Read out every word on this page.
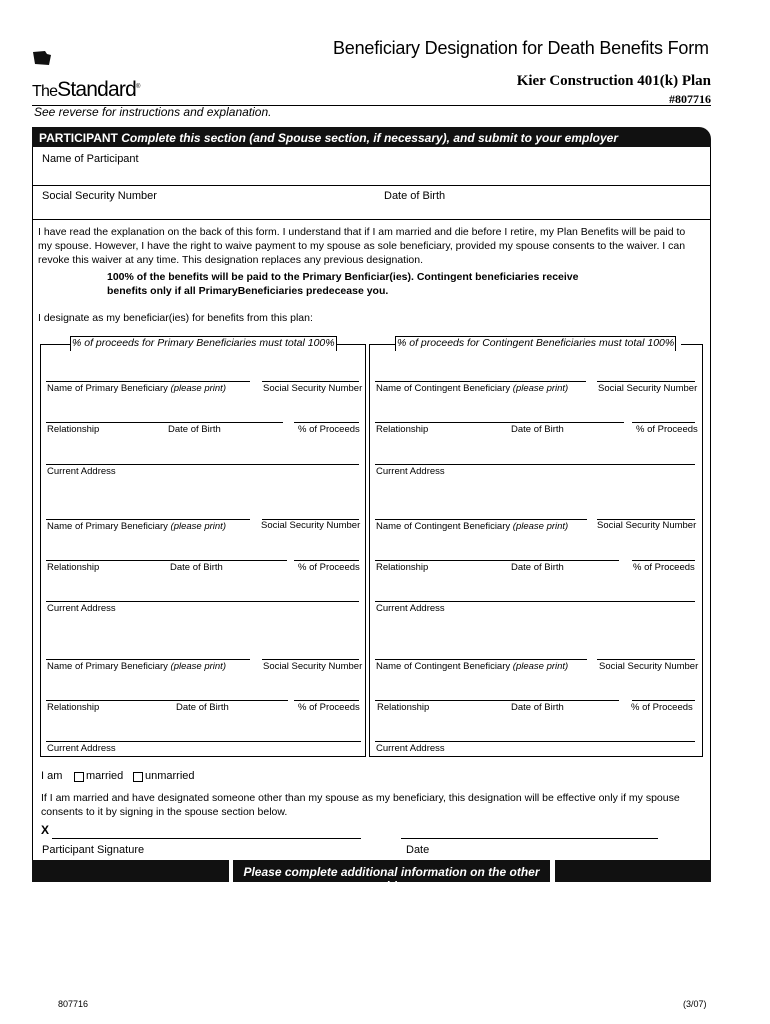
TheStandard®
Beneficiary Designation for Death Benefits Form
Kier Construction 401(k) Plan
#807716
See reverse for instructions and explanation.
PARTICIPANT Complete this section (and Spouse section, if necessary), and submit to your employer
Name of Participant
Social Security Number	Date of Birth
I have read the explanation on the back of this form. I understand that if I am married and die before I retire, my Plan Benefits will be paid to
my spouse. However, I have the right to waive payment to my spouse as sole beneficiary, provided my spouse consents to the waiver. I can
revoke this waiver at any time. This designation replaces any previous designation.
100% of the benefits will be paid to the Primary Benficiar(ies). Contingent beneficiaries receive
benefits only if all PrimaryBeneficiaries predecease you.
I designate as my beneficiar(ies) for benefits from this plan:
% of proceeds for Primary Beneficiaries must total 100%	% of proceeds for Contingent Beneficiaries must total 100%
Name of Primary Beneficiary (please print)	Social Security Number
Relationship	Date of Birth	% of Proceeds
Current Address
Name of Primary Beneficiary (please print)	Social Security Number
Relationship	Date of Birth	% of Proceeds
Current Address
Name of Primary Beneficiary (please print)	Social Security Number
Relationship	Date of Birth	% of Proceeds
Current Address
Name of Contingent Beneficiary (please print)	Social Security Number
Relationship	Date of Birth	% of Proceeds
Current Address
Name of Contingent Beneficiary (please print)	Social Security Number
Relationship	Date of Birth	% of Proceeds
Current Address
Name of Contingent Beneficiary (please print)	Social Security Number
Relationship	Date of Birth	% of Proceeds
Current Address
I am married unmarried
If I am married and have designated someone other than my spouse as my beneficiary, this designation will be effective only if my spouse
consents to it by signing in the spouse section below.
X
Participant Signature	Date
Please complete additional information on the other side
807716	(3/07)
